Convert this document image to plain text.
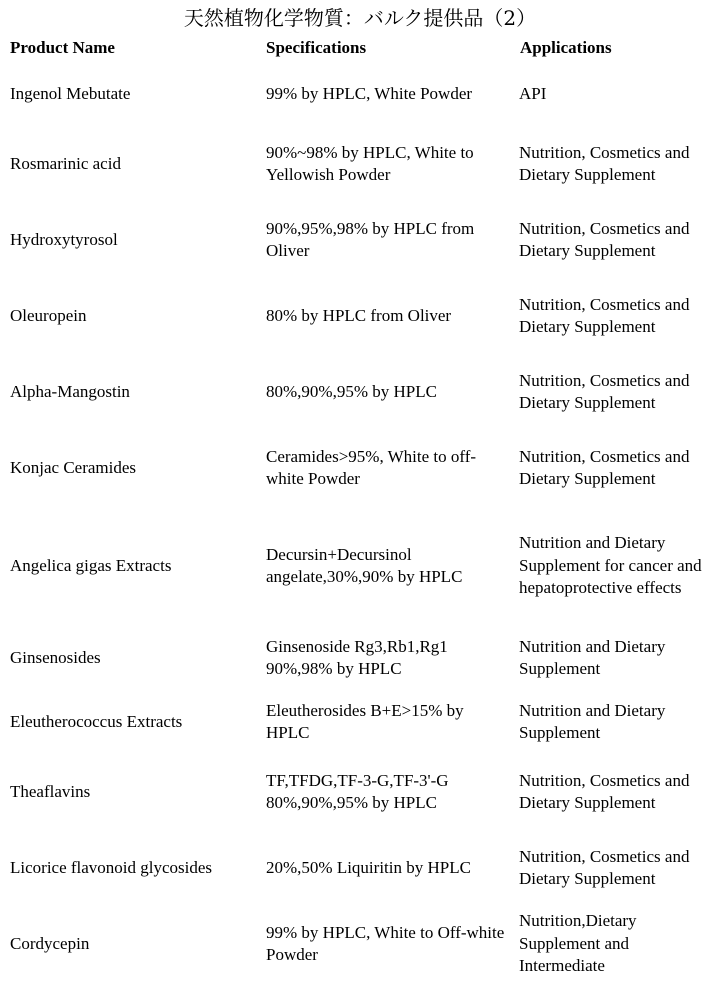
天然植物化学物質：バルク提供品（2）
Product Name	Specifications	Applications
Ingenol Mebutate	99% by HPLC, White Powder	API
Rosmarinic acid	90%~98% by HPLC, White to Yellowish Powder	Nutrition, Cosmetics and Dietary Supplement
Hydroxytyrosol	90%,95%,98% by HPLC from Oliver	Nutrition, Cosmetics and Dietary Supplement
Oleuropein	80% by HPLC from Oliver	Nutrition, Cosmetics and Dietary Supplement
Alpha-Mangostin	80%,90%,95% by HPLC	Nutrition, Cosmetics and Dietary Supplement
Konjac Ceramides	Ceramides>95%, White to off-white Powder	Nutrition, Cosmetics and Dietary Supplement
Angelica gigas Extracts	Decursin+Decursinol angelate,30%,90% by HPLC	Nutrition and Dietary Supplement for cancer and hepatoprotective effects
Ginsenosides	Ginsenoside Rg3,Rb1,Rg1 90%,98% by HPLC	Nutrition and Dietary Supplement
Eleutherococcus Extracts	Eleutherosides B+E>15% by HPLC	Nutrition and Dietary Supplement
Theaflavins	TF,TFDG,TF-3-G,TF-3'-G 80%,90%,95% by HPLC	Nutrition, Cosmetics and Dietary Supplement
Licorice flavonoid glycosides	20%,50% Liquiritin by HPLC	Nutrition, Cosmetics and Dietary Supplement
Cordycepin	99% by HPLC, White to Off-white Powder	Nutrition,Dietary Supplement and Intermediate
